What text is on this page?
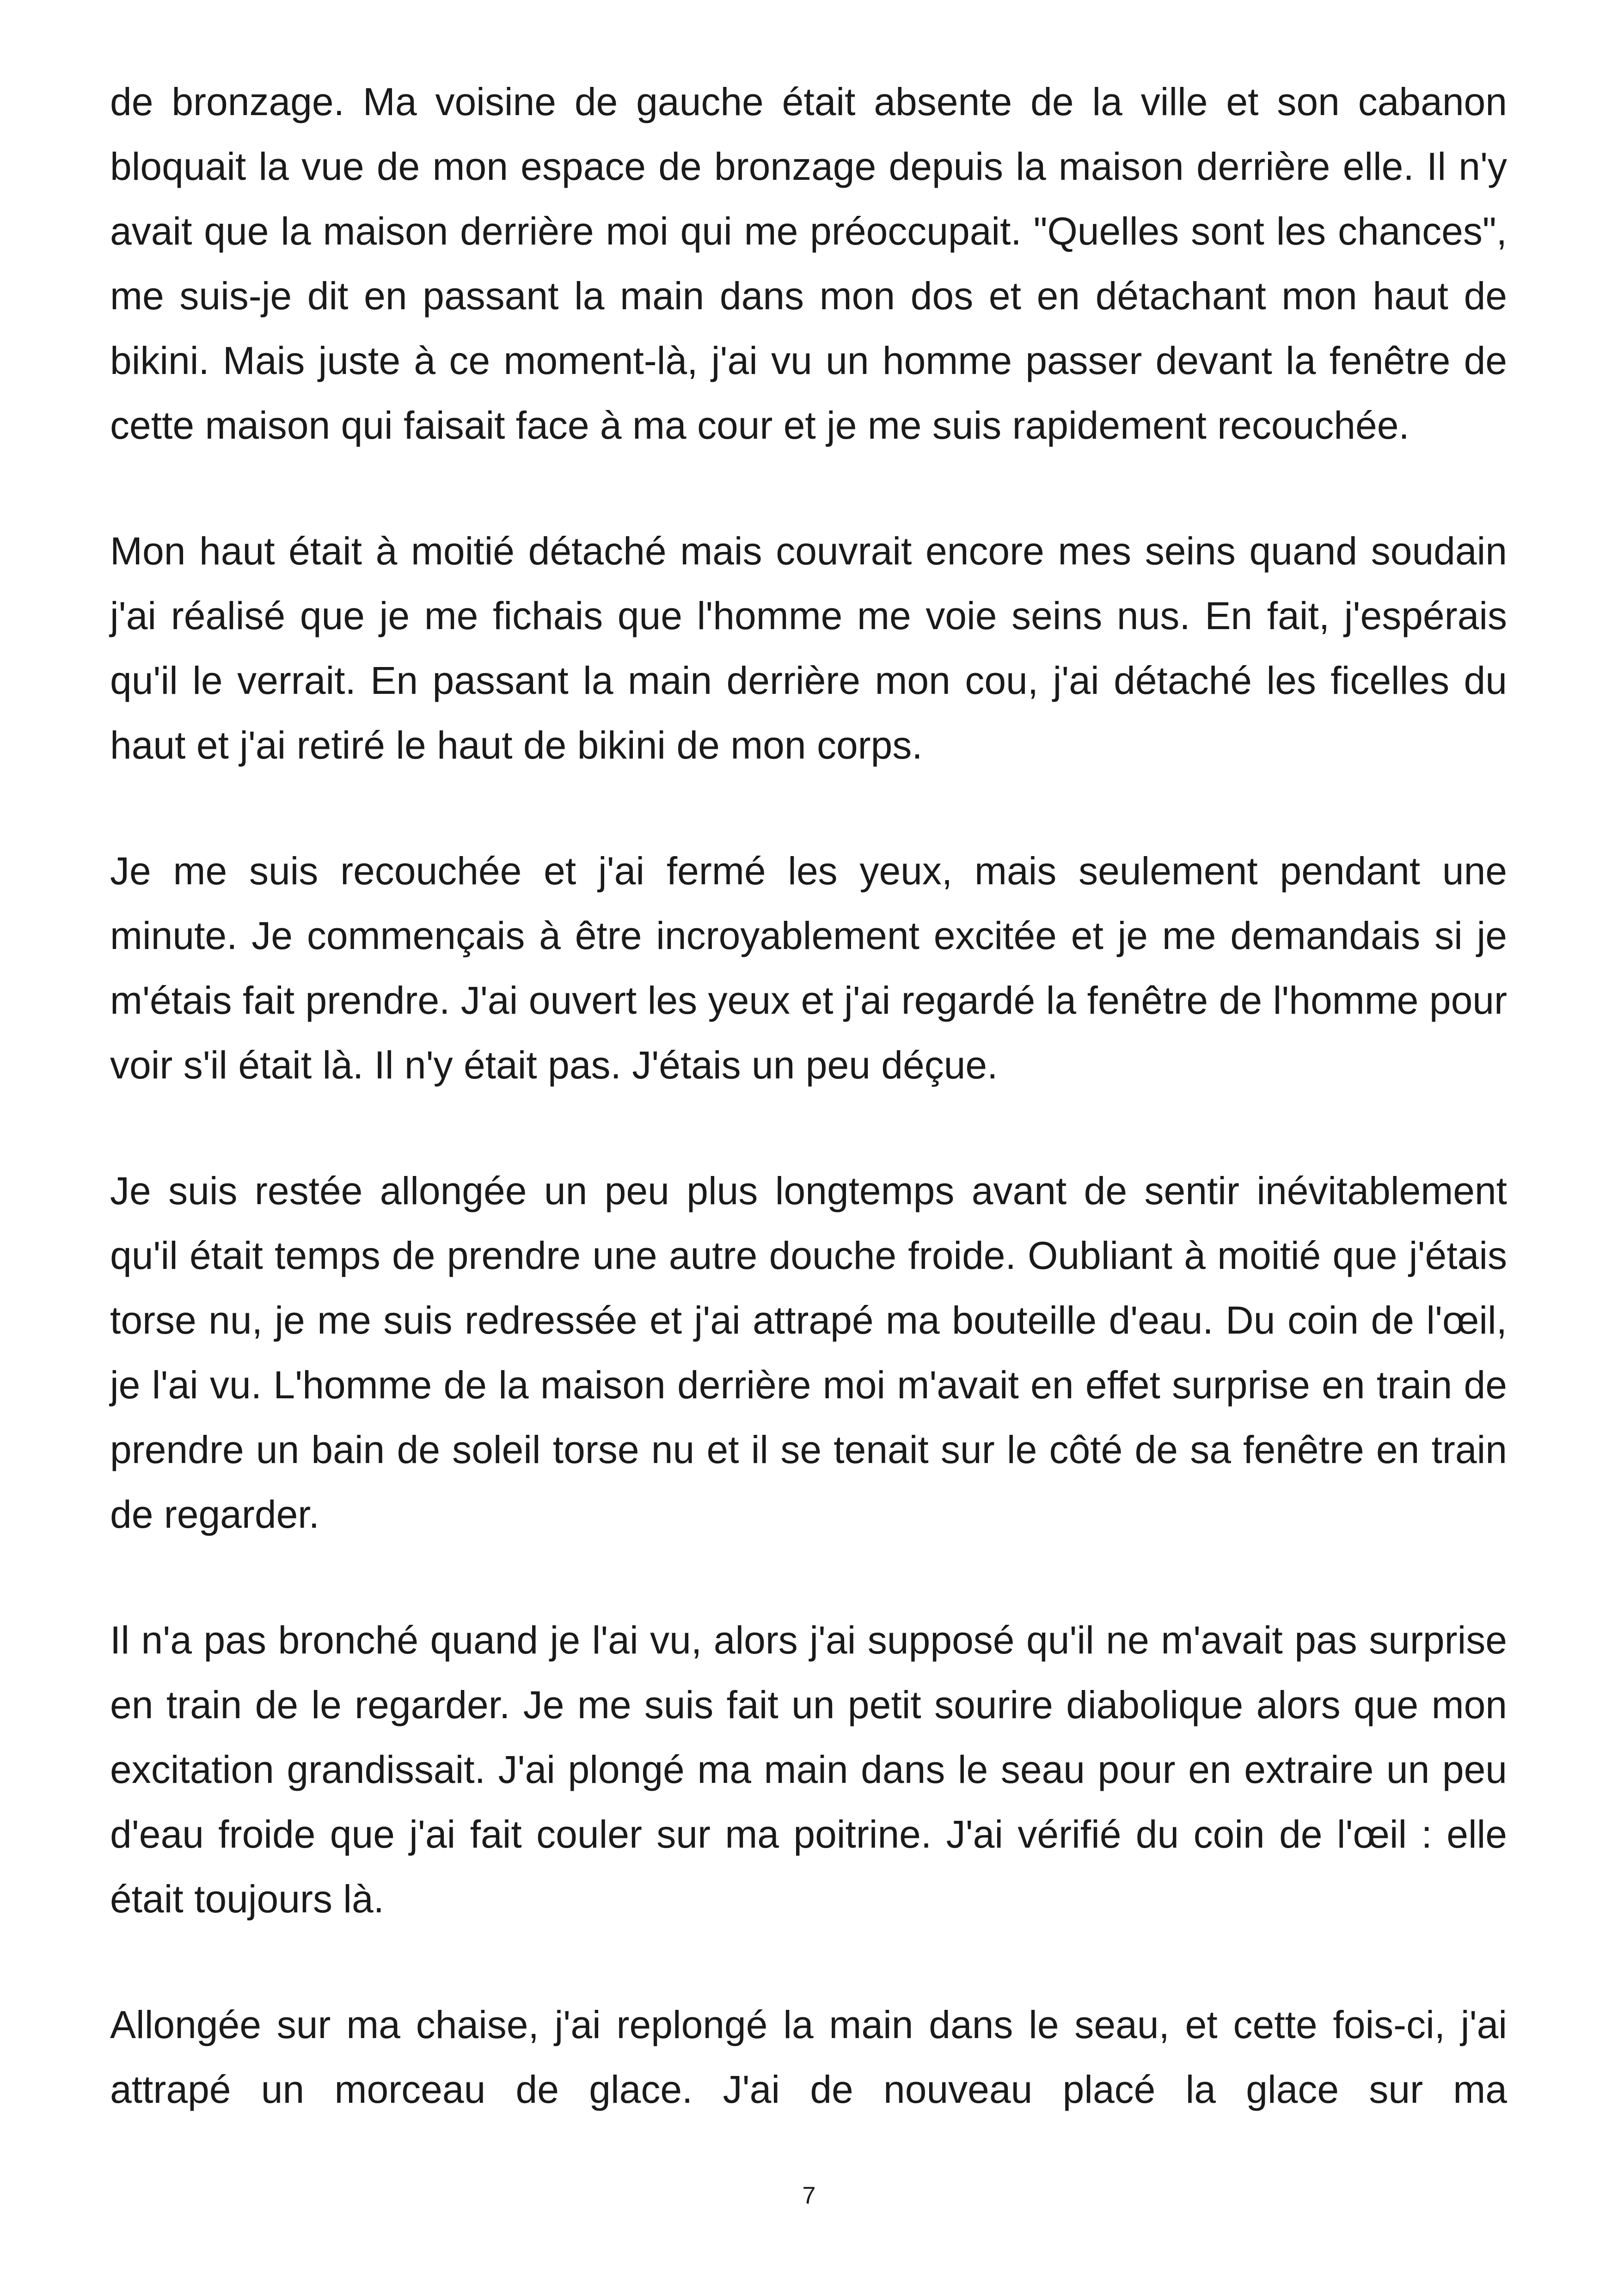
de bronzage. Ma voisine de gauche était absente de la ville et son cabanon bloquait la vue de mon espace de bronzage depuis la maison derrière elle. Il n'y avait que la maison derrière moi qui me préoccupait. "Quelles sont les chances", me suis-je dit en passant la main dans mon dos et en détachant mon haut de bikini. Mais juste à ce moment-là, j'ai vu un homme passer devant la fenêtre de cette maison qui faisait face à ma cour et je me suis rapidement recouchée.

Mon haut était à moitié détaché mais couvrait encore mes seins quand soudain j'ai réalisé que je me fichais que l'homme me voie seins nus. En fait, j'espérais qu'il le verrait. En passant la main derrière mon cou, j'ai détaché les ficelles du haut et j'ai retiré le haut de bikini de mon corps.

Je me suis recouchée et j'ai fermé les yeux, mais seulement pendant une minute. Je commençais à être incroyablement excitée et je me demandais si je m'étais fait prendre. J'ai ouvert les yeux et j'ai regardé la fenêtre de l'homme pour voir s'il était là. Il n'y était pas. J'étais un peu déçue.

Je suis restée allongée un peu plus longtemps avant de sentir inévitablement qu'il était temps de prendre une autre douche froide. Oubliant à moitié que j'étais torse nu, je me suis redressée et j'ai attrapé ma bouteille d'eau. Du coin de l'œil, je l'ai vu. L'homme de la maison derrière moi m'avait en effet surprise en train de prendre un bain de soleil torse nu et il se tenait sur le côté de sa fenêtre en train de regarder.

Il n'a pas bronché quand je l'ai vu, alors j'ai supposé qu'il ne m'avait pas surprise en train de le regarder. Je me suis fait un petit sourire diabolique alors que mon excitation grandissait. J'ai plongé ma main dans le seau pour en extraire un peu d'eau froide que j'ai fait couler sur ma poitrine. J'ai vérifié du coin de l'œil : elle était toujours là.

Allongée sur ma chaise, j'ai replongé la main dans le seau, et cette fois-ci, j'ai attrapé un morceau de glace. J'ai de nouveau placé la glace sur ma

7
